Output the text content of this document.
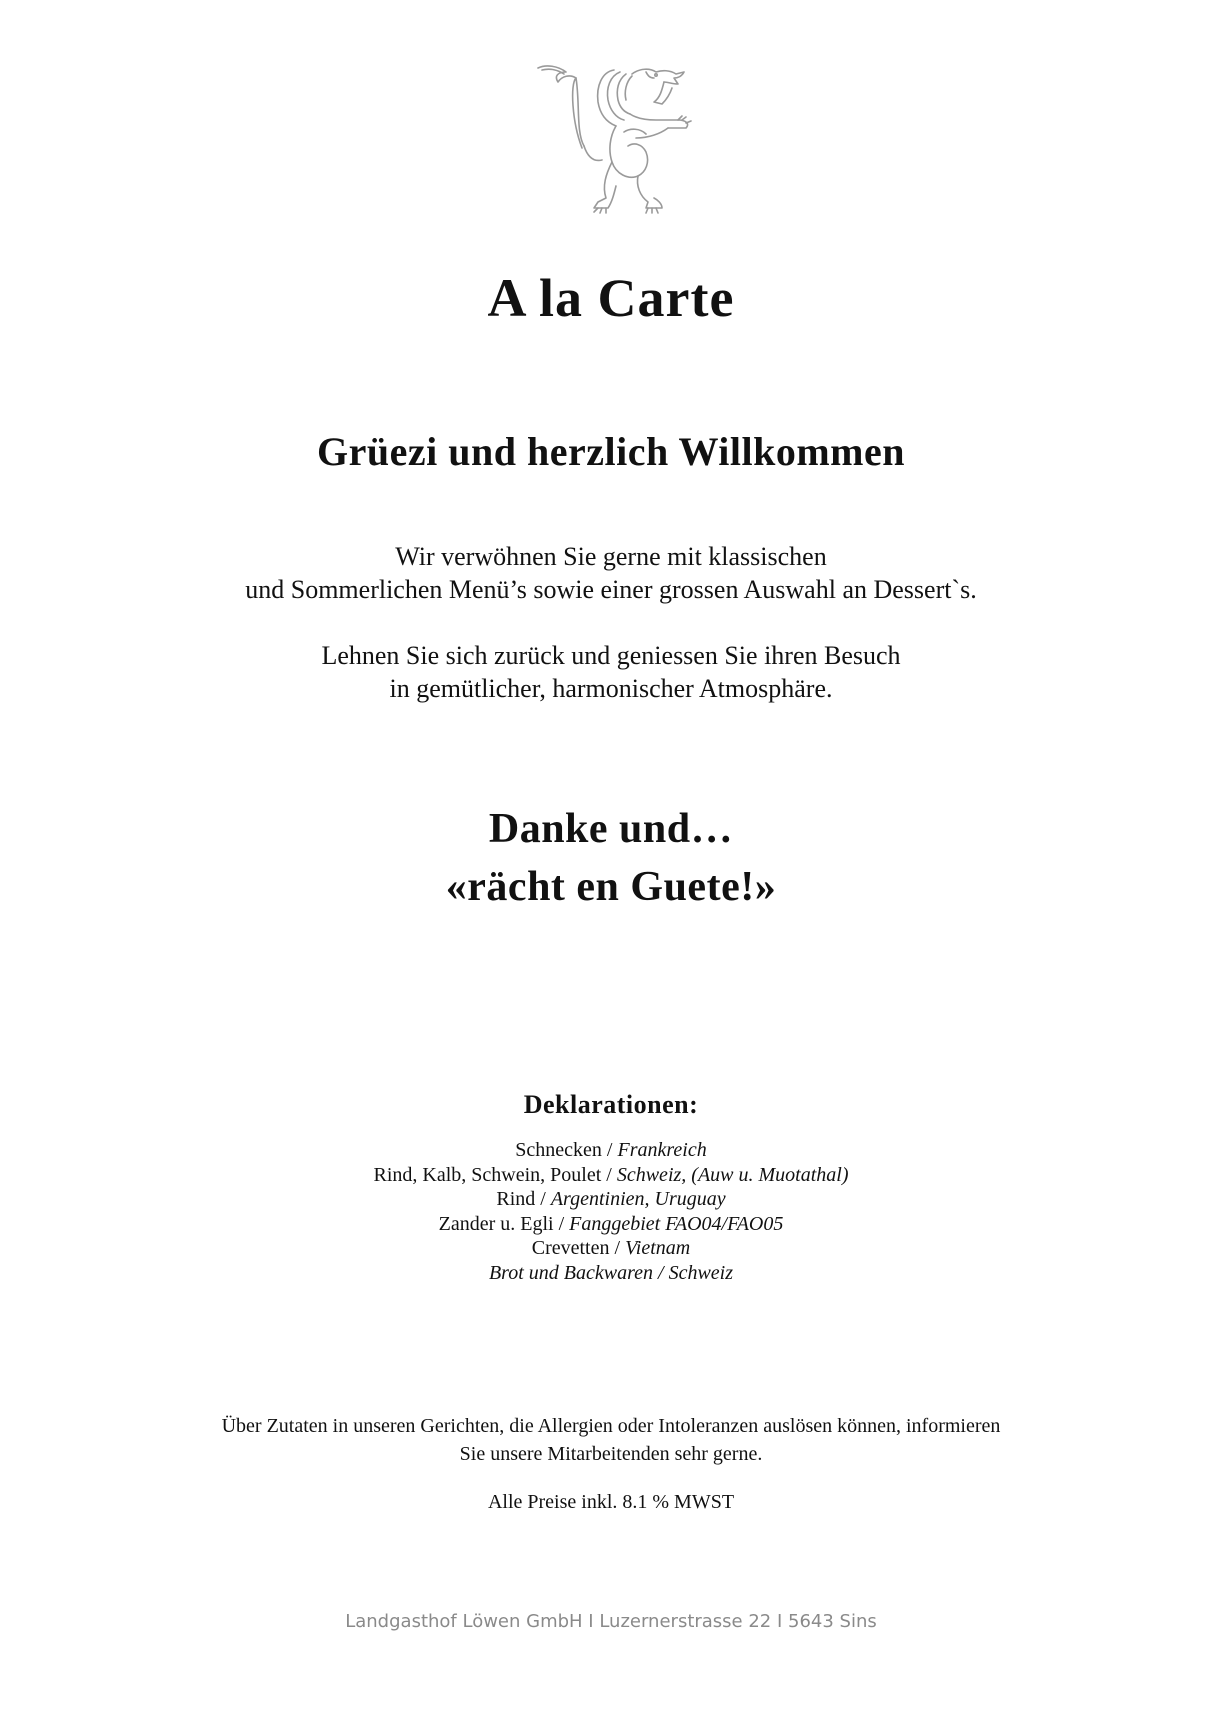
A la Carte
Grüezi und herzlich Willkommen
Wir verwöhnen Sie gerne mit klassischen
und Sommerlichen Menü’s sowie einer grossen Auswahl an Dessert`s.
Lehnen Sie sich zurück und geniessen Sie ihren Besuch
in gemütlicher, harmonischer Atmosphäre.
Danke und…
«rächt en Guete!»
Deklarationen:
Schnecken / Frankreich
Rind, Kalb, Schwein, Poulet / Schweiz, (Auw u. Muotathal)
Rind / Argentinien, Uruguay
Zander u. Egli / Fanggebiet FAO04/FAO05
Crevetten / Vietnam
Brot und Backwaren / Schweiz
Über Zutaten in unseren Gerichten, die Allergien oder Intoleranzen auslösen können, informieren
Sie unsere Mitarbeitenden sehr gerne.
Alle Preise inkl. 8.1 % MWST
Landgasthof Löwen GmbH I Luzernerstrasse 22 I 5643 Sins
